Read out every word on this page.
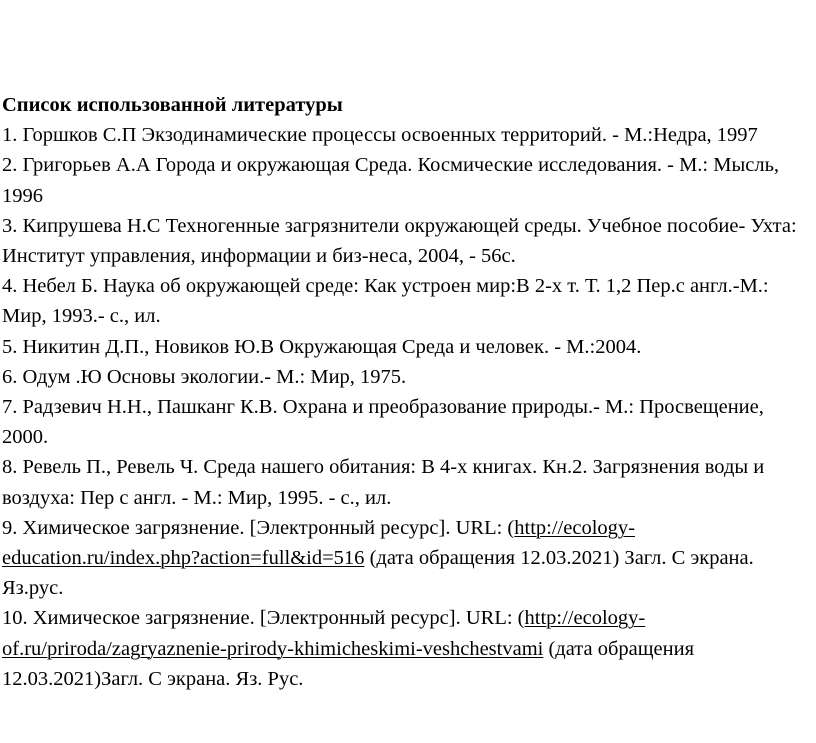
Список использованной литературы

1. Горшков С.П Экзодинамические процессы освоенных территорий. - М.:Недра, 1997

2. Григорьев А.А Города и окружающая Среда. Космические исследования. - М.: Мысль, 1996

3. Кипрушева Н.С Техногенные загрязнители окружающей среды. Учебное пособие- Ухта: Институт управления, информации и биз-неса, 2004, - 56с.

4. Небел Б. Наука об окружающей среде: Как устроен мир:В 2-х т. Т. 1,2 Пер.с англ.-М.: Мир, 1993.- с., ил.

5. Никитин Д.П., Новиков Ю.В Окружающая Среда и человек. - М.:2004.

6. Одум .Ю Основы экологии.- М.: Мир, 1975.

7. Радзевич Н.Н., Пашканг К.В. Охрана и преобразование природы.- М.: Просвещение, 2000.

8. Ревель П., Ревель Ч. Среда нашего обитания: В 4-х книгах. Кн.2. Загрязнения воды и воздуха: Пер с англ. - М.: Мир, 1995. - с., ил.

9. Химическое загрязнение. [Электронный ресурс]. URL: (http://ecology-education.ru/index.php?action=full&id=516 (дата обращения 12.03.2021) Загл. С экрана. Яз.рус.

10. Химическое загрязнение. [Электронный ресурс]. URL: (http://ecology-of.ru/priroda/zagryaznenie-prirody-khimicheskimi-veshchestvami (дата обращения 12.03.2021)Загл. С экрана. Яз. Рус.
